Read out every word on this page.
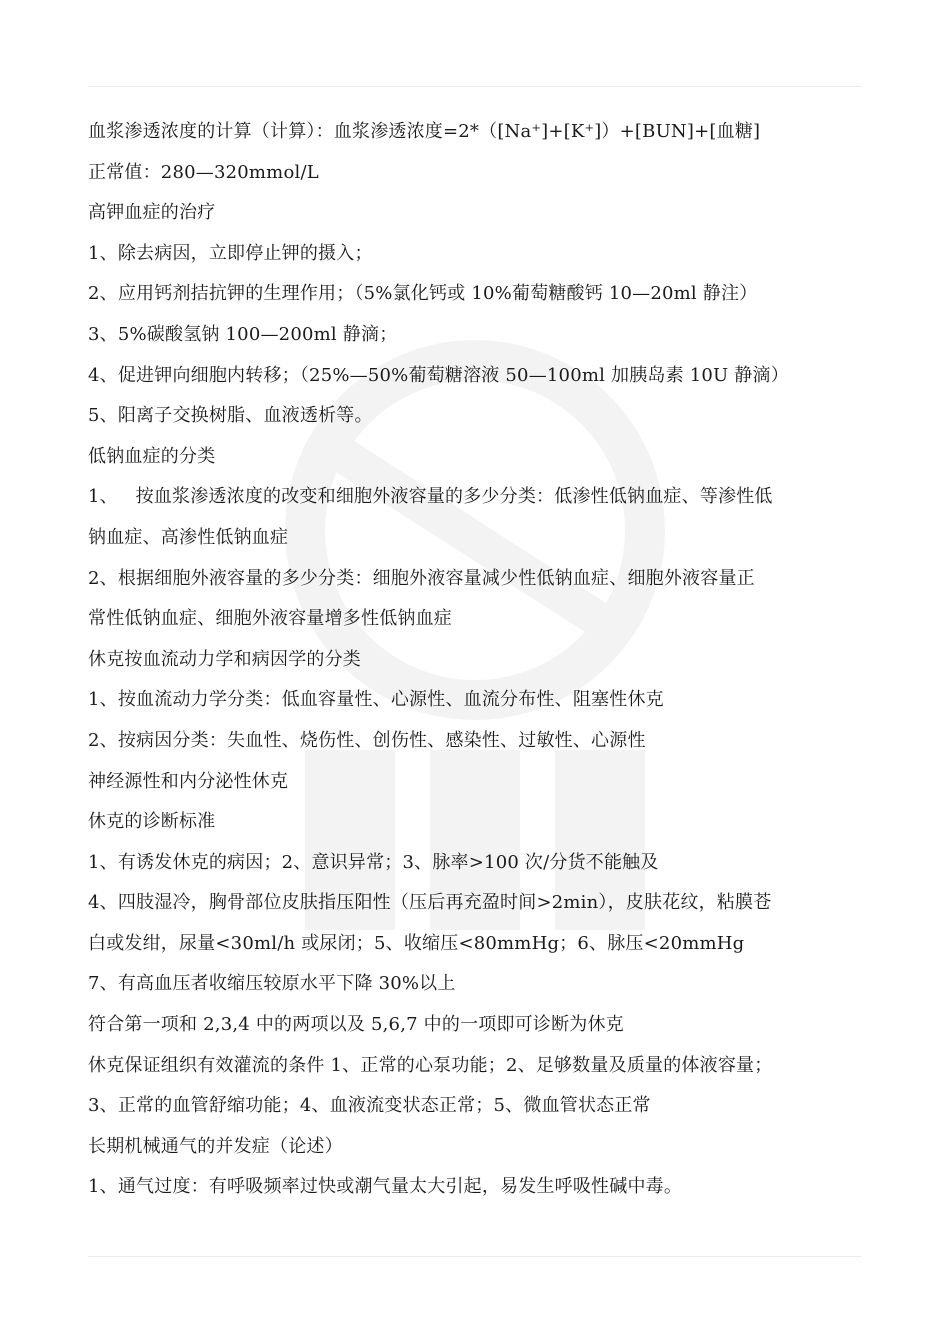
血浆渗透浓度的计算（计算）：血浆渗透浓度=2*（[Na⁺]+[K⁺]）+[BUN]+[血糖]
正常值：280—320mmol/L
高钾血症的治疗
1、除去病因，立即停止钾的摄入；
2、应用钙剂拮抗钾的生理作用；（5%氯化钙或 10%葡萄糖酸钙 10—20ml 静注）
3、5%碳酸氢钠 100—200ml 静滴；
4、促进钾向细胞内转移；（25%—50%葡萄糖溶液 50—100ml 加胰岛素 10U 静滴）
5、阳离子交换树脂、血液透析等。
低钠血症的分类
1、   按血浆渗透浓度的改变和细胞外液容量的多少分类：低渗性低钠血症、等渗性低
钠血症、高渗性低钠血症
2、根据细胞外液容量的多少分类：细胞外液容量减少性低钠血症、细胞外液容量正
常性低钠血症、细胞外液容量增多性低钠血症
休克按血流动力学和病因学的分类
1、按血流动力学分类：低血容量性、心源性、血流分布性、阻塞性休克
2、按病因分类：失血性、烧伤性、创伤性、感染性、过敏性、心源性
神经源性和内分泌性休克
休克的诊断标准
1、有诱发休克的病因；2、意识异常；3、脉率>100 次/分货不能触及
4、四肢湿冷，胸骨部位皮肤指压阳性（压后再充盈时间>2min），皮肤花纹，粘膜苍
白或发绀，尿量<30ml/h 或尿闭；5、收缩压<80mmHg；6、脉压<20mmHg
7、有高血压者收缩压较原水平下降 30%以上
符合第一项和 2,3,4 中的两项以及 5,6,7 中的一项即可诊断为休克
休克保证组织有效灌流的条件 1、正常的心泵功能；2、足够数量及质量的体液容量；
3、正常的血管舒缩功能；4、血液流变状态正常；5、微血管状态正常
长期机械通气的并发症（论述）
1、通气过度：有呼吸频率过快或潮气量太大引起，易发生呼吸性碱中毒。
